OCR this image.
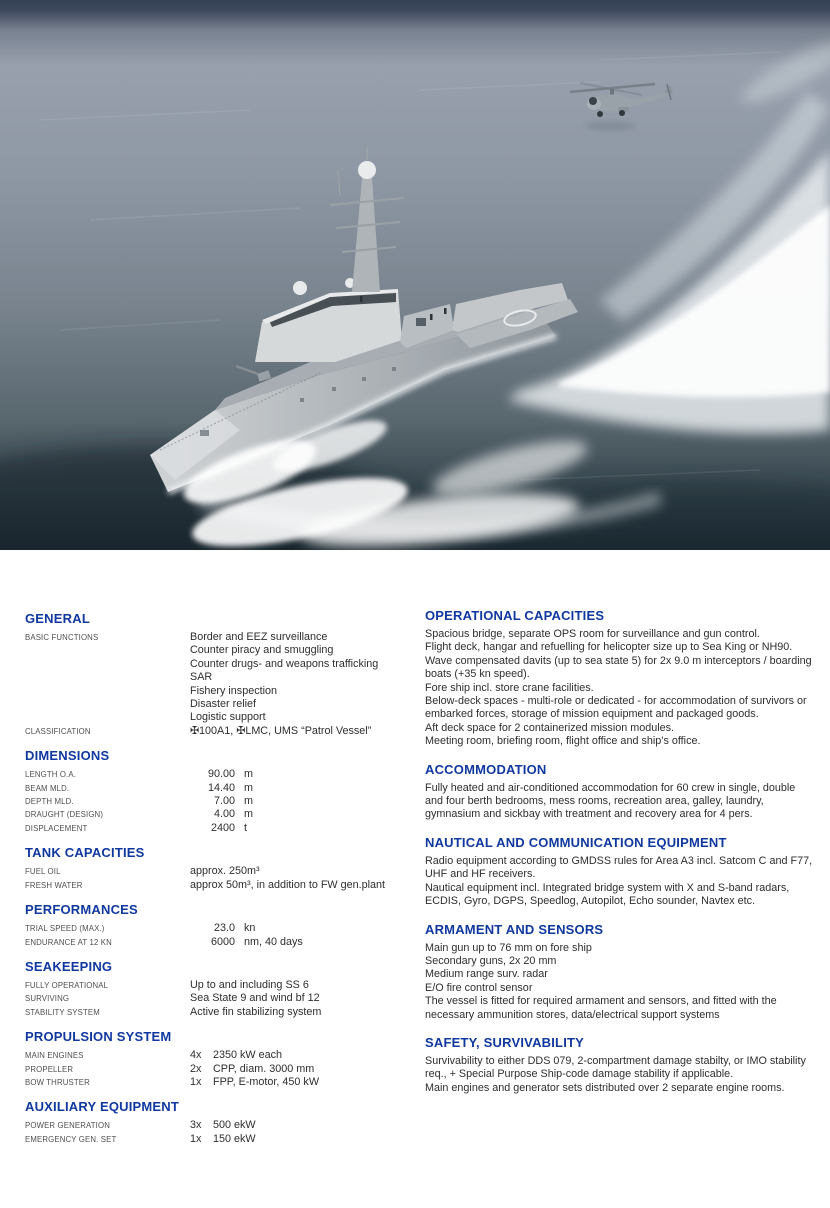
GENERAL
BASIC FUNCTIONS	Border and EEZ surveillance
Counter piracy and smuggling
Counter drugs- and weapons trafficking
SAR
Fishery inspection
Disaster relief
Logistic support
CLASSIFICATION	✠100A1, ✠LMC, UMS “Patrol Vessel”
DIMENSIONS
LENGTH O.A.	90.00 m
BEAM MLD.	14.40 m
DEPTH MLD.	7.00 m
DRAUGHT (DESIGN)	4.00 m
DISPLACEMENT	2400 t
TANK CAPACITIES
FUEL OIL	approx. 250m³
FRESH WATER	approx 50m³, in addition to FW gen.plant
PERFORMANCES
TRIAL SPEED (MAX.)	23.0 kn
ENDURANCE AT 12 KN	6000 nm, 40 days
SEAKEEPING
FULLY OPERATIONAL	Up to and including SS 6
SURVIVING	Sea State 9 and wind bf 12
STABILITY SYSTEM	Active fin stabilizing system
PROPULSION SYSTEM
MAIN ENGINES	4x	2350 kW each
PROPELLER	2x	CPP, diam. 3000 mm
BOW THRUSTER	1x	FPP, E-motor, 450 kW
AUXILIARY EQUIPMENT
POWER GENERATION	3x	500 ekW
EMERGENCY GEN. SET	1x	150 ekW
OPERATIONAL CAPACITIES

Spacious bridge, separate OPS room for surveillance and gun control.

Flight deck, hangar and refuelling for helicopter size up to Sea King or NH90.

Wave compensated davits (up to sea state 5) for 2x 9.0 m interceptors / boarding boats (+35 kn speed).

Fore ship incl. store crane facilities.

Below-deck spaces - multi-role or dedicated - for accommodation of survivors or embarked forces, storage of mission equipment and packaged goods.

Aft deck space for 2 containerized mission modules.

Meeting room, briefing room, flight office and ship’s office.

ACCOMMODATION

Fully heated and air-conditioned accommodation for 60 crew in single, double and four berth bedrooms, mess rooms, recreation area, galley, laundry, gymnasium and sickbay with treatment and recovery area for 4 pers.

NAUTICAL AND COMMUNICATION EQUIPMENT

Radio equipment according to GMDSS rules for Area A3 incl. Satcom C and F77, UHF and HF receivers.

Nautical equipment incl. Integrated bridge system with X and S-band radars, ECDIS, Gyro, DGPS, Speedlog, Autopilot, Echo sounder, Navtex etc.

ARMAMENT AND SENSORS

Main gun up to 76 mm on fore ship

Secondary guns, 2x 20 mm

Medium range surv. radar

E/O fire control sensor

The vessel is fitted for required armament and sensors, and fitted with the necessary ammunition stores, data/electrical support systems

SAFETY, SURVIVABILITY

Survivability to either DDS 079, 2-compartment damage stabilty, or IMO stability req., + Special Purpose Ship-code damage stability if applicable.

Main engines and generator sets distributed over 2 separate engine rooms.
